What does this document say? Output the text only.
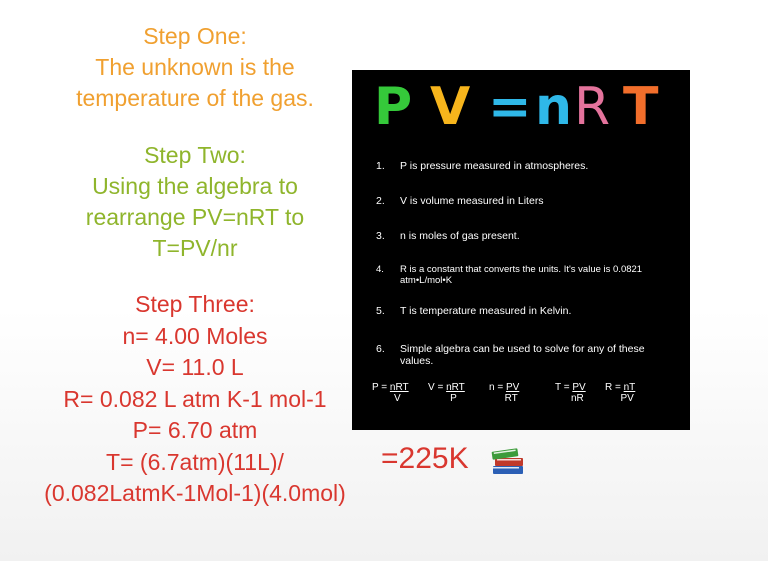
Step One:
The unknown is the
temperature of the gas.
Step Two:
Using the algebra to
rearrange PV=nRT to
T=PV/nr
Step Three:
n= 4.00 Moles
V= 11.0 L
R= 0.082 L atm K-1 mol-1
P= 6.70 atm
T= (6.7atm)(11L)/
(0.082LatmK-1Mol-1)(4.0mol)
P V = n R T
1. P is pressure measured in atmospheres.
2. V is volume measured in Liters
3. n is moles of gas present.
4. R is a constant that converts the units. It's value is 0.0821 atm•L/mol•K
5. T is temperature measured in Kelvin.
6. Simple algebra can be used to solve for any of these values.
P = nRT
V
V = nRT
P
n = PV
RT
T = PV
nR
R = nT
PV
=225K
